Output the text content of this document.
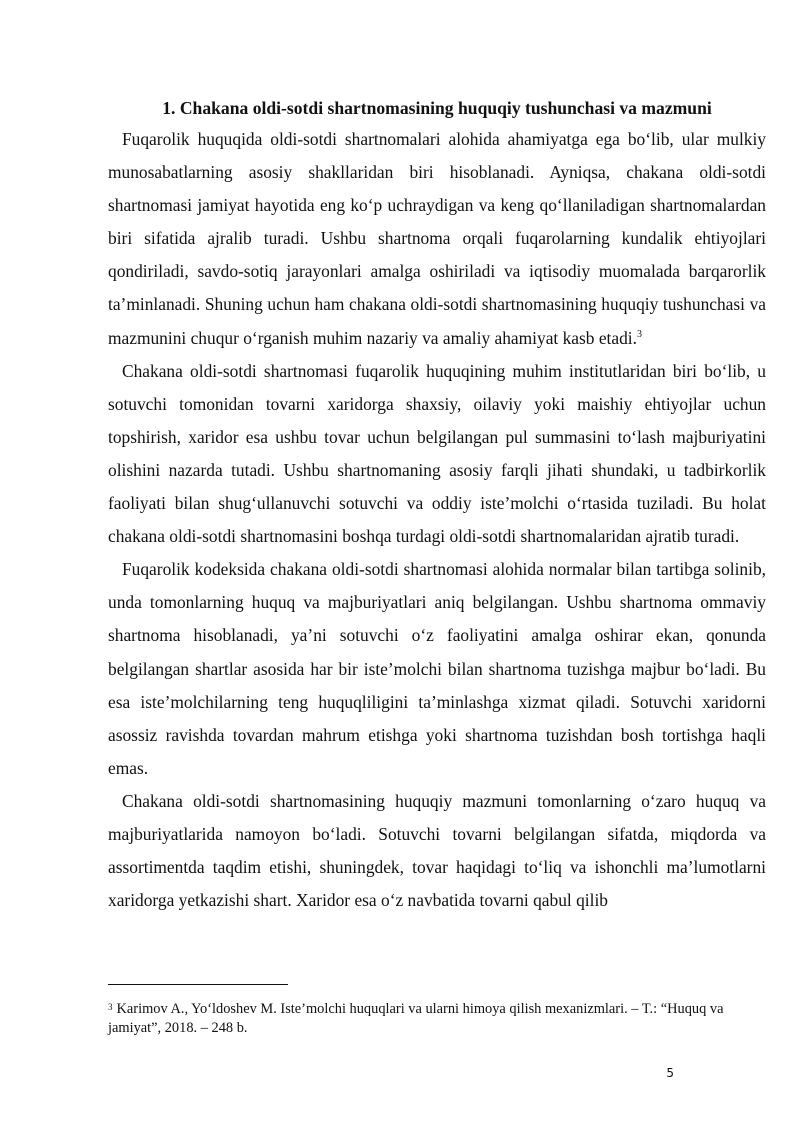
1. Chakana oldi-sotdi shartnomasining huquqiy tushunchasi va mazmuni

Fuqarolik huquqida oldi-sotdi shartnomalari alohida ahamiyatga ega bo‘lib, ular mulkiy munosabatlarning asosiy shakllaridan biri hisoblanadi. Ayniqsa, chakana oldi-sotdi shartnomasi jamiyat hayotida eng ko‘p uchraydigan va keng qo‘llaniladigan shartnomalardan biri sifatida ajralib turadi. Ushbu shartnoma orqali fuqarolarning kundalik ehtiyojlari qondiriladi, savdo-sotiq jarayonlari amalga oshiriladi va iqtisodiy muomalada barqarorlik ta’minlanadi. Shuning uchun ham chakana oldi-sotdi shartnomasining huquqiy tushunchasi va mazmunini chuqur o‘rganish muhim nazariy va amaliy ahamiyat kasb etadi.$^3$

Chakana oldi-sotdi shartnomasi fuqarolik huquqining muhim institutlaridan biri bo‘lib, u sotuvchi tomonidan tovarni xaridorga shaxsiy, oilaviy yoki maishiy ehtiyojlar uchun topshirish, xaridor esa ushbu tovar uchun belgilangan pul summasini to‘lash majburiyatini olishini nazarda tutadi. Ushbu shartnomaning asosiy farqli jihati shundaki, u tadbirkorlik faoliyati bilan shug‘ullanuvchi sotuvchi va oddiy iste’molchi o‘rtasida tuziladi. Bu holat chakana oldi-sotdi shartnomasini boshqa turdagi oldi-sotdi shartnomalaridan ajratib turadi.

Fuqarolik kodeksida chakana oldi-sotdi shartnomasi alohida normalar bilan tartibga solinib, unda tomonlarning huquq va majburiyatlari aniq belgilangan. Ushbu shartnoma ommaviy shartnoma hisoblanadi, ya’ni sotuvchi o‘z faoliyatini amalga oshirar ekan, qonunda belgilangan shartlar asosida har bir iste’molchi bilan shartnoma tuzishga majbur bo‘ladi. Bu esa iste’molchilarning teng huquqliligini ta’minlashga xizmat qiladi. Sotuvchi xaridorni asossiz ravishda tovardan mahrum etishga yoki shartnoma tuzishdan bosh tortishga haqli emas.

Chakana oldi-sotdi shartnomasining huquqiy mazmuni tomonlarning o‘zaro huquq va majburiyatlarida namoyon bo‘ladi. Sotuvchi tovarni belgilangan sifatda, miqdorda va assortimentda taqdim etishi, shuningdek, tovar haqidagi to‘liq va ishonchli ma’lumotlarni xaridorga yetkazishi shart. Xaridor esa o‘z navbatida tovarni qabul qilib

$^3$ Karimov A., Yo‘ldoshev M. Iste’molchi huquqlari va ularni himoya qilish mexanizmlari. – T.: “Huquq va jamiyat”, 2018. – 248 b.

5
